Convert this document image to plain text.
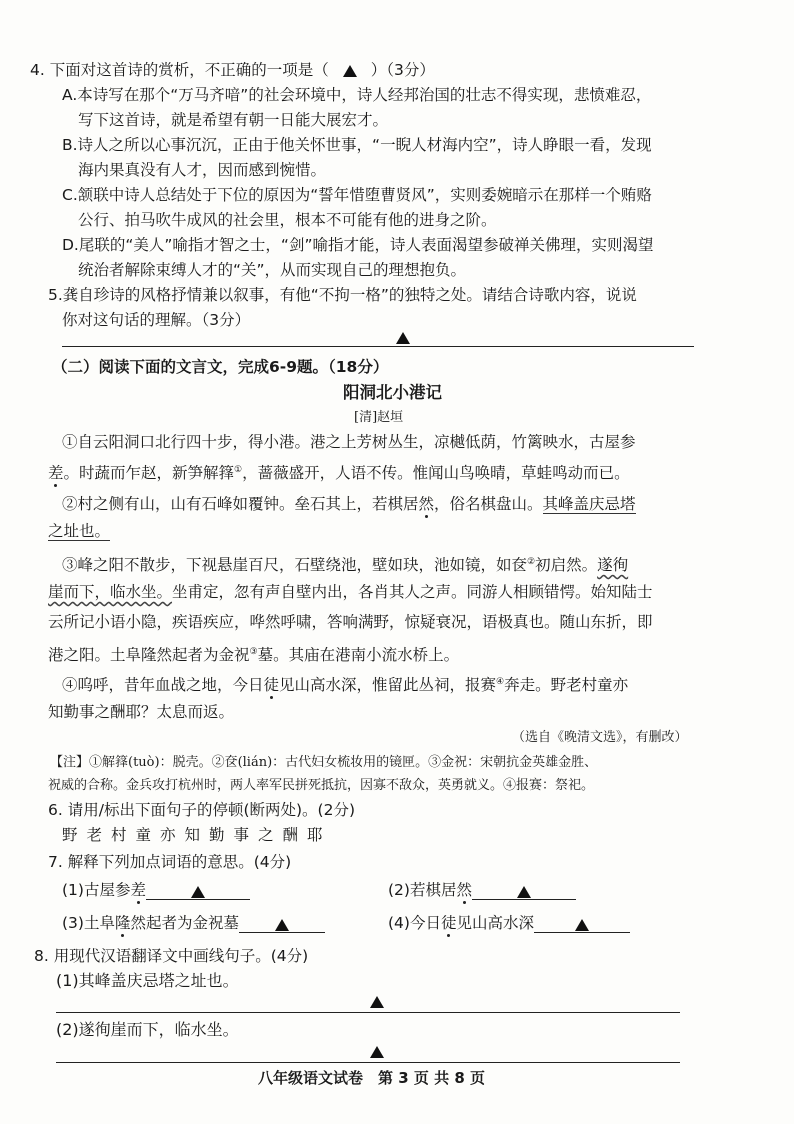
4. 下面对这首诗的赏析，不正确的一项是（	）（3分）
A.本诗写在那个“万马齐喑”的社会环境中，诗人经邦治国的壮志不得实现，悲愤难忍，
写下这首诗，就是希望有朝一日能大展宏才。
B.诗人之所以心事沉沉，正由于他关怀世事，“一睨人材海内空”，诗人睁眼一看，发现
海内果真没有人才，因而感到惋惜。
C.颔联中诗人总结处于下位的原因为“誓年惜堕曹贤风”，实则委婉暗示在那样一个贿赂
公行、拍马吹牛成风的社会里，根本不可能有他的进身之阶。
D.尾联的“美人”喻指才智之士，“剑”喻指才能，诗人表面渴望参破禅关佛理，实则渴望
统治者解除束缚人才的“关”，从而实现自己的理想抱负。
5.龚自珍诗的风格抒情兼以叙事，有他“不拘一格”的独特之处。请结合诗歌内容，说说
你对这句话的理解。（3分）
（二）阅读下面的文言文，完成6-9题。（18分）
阳洞北小港记
[清]赵垣
①自云阳洞口北行四十步，得小港。港之上芳树丛生，凉樾低荫，竹篱映水，古屋参
差。时蔬而乍赵，新笋解箨①，蔷薇盛开，人语不传。惟闻山鸟唤晴，草蛙鸣动而已。
②村之侧有山，山有石峰如覆钟。垒石其上，若棋居然，俗名棋盘山。其峰盖庆忌塔
之址也。
③峰之阳不散步，下视悬崖百尺，石壁绕池，壁如玦，池如镜，如奁②初启然。遂徇
崖而下，临水坐。坐甫定，忽有声自壁内出，各肖其人之声。同游人相顾错愕。始知陆士
云所记小语小隐，疾语疾应，哗然呼啸，答响满野，惊疑衰况，语极真也。随山东折，即
港之阳。土阜隆然起者为金祝③墓。其庙在港南小流水桥上。
④呜呼，昔年血战之地，今日徒见山高水深，惟留此丛祠，报赛④奔走。野老村童亦
知勤事之酬耶？太息而返。
（选自《晚清文选》，有删改）
【注】①解箨(tuò)：脱壳。②奁(lián)：古代妇女梳妆用的镜匣。③金祝：宋朝抗金英雄金胜、
祝威的合称。金兵攻打杭州时，两人率军民拼死抵抗，因寡不敌众，英勇就义。④报赛：祭祀。
6. 请用/标出下面句子的停顿(断两处)。(2分)
野老村童亦知勤事之酬耶
7. 解释下列加点词语的意思。(4分)
(1)古屋参差	(2)若棋居然
(3)土阜隆然起者为金祝墓	(4)今日徒见山高水深
8. 用现代汉语翻译文中画线句子。(4分)
(1)其峰盖庆忌塔之址也。
(2)遂徇崖而下，临水坐。
八年级语文试卷　第 3 页 共 8 页
